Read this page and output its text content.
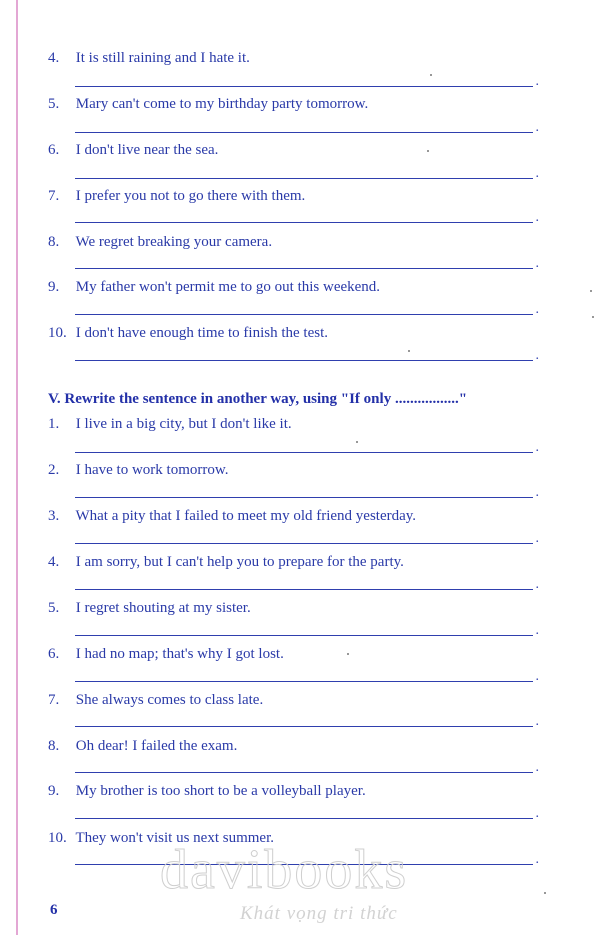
4. It is still raining and I hate it.
.
5. Mary can't come to my birthday party tomorrow.
.
6. I don't live near the sea.
.
7. I prefer you not to go there with them.
.
8. We regret breaking your camera.
.
9. My father won't permit me to go out this weekend.
.
10. I don't have enough time to finish the test.
.
V. Rewrite the sentence in another way, using "If only ................."
1. I live in a big city, but I don't like it.
.
2. I have to work tomorrow.
.
3. What a pity that I failed to meet my old friend yesterday.
.
4. I am sorry, but I can't help you to prepare for the party.
.
5. I regret shouting at my sister.
.
6. I had no map; that's why I got lost.
.
7. She always comes to class late.
.
8. Oh dear! I failed the exam.
.
9. My brother is too short to be a volleyball player.
.
10. They won't visit us next summer.
.
davibooks
Khát vọng tri thức
6
